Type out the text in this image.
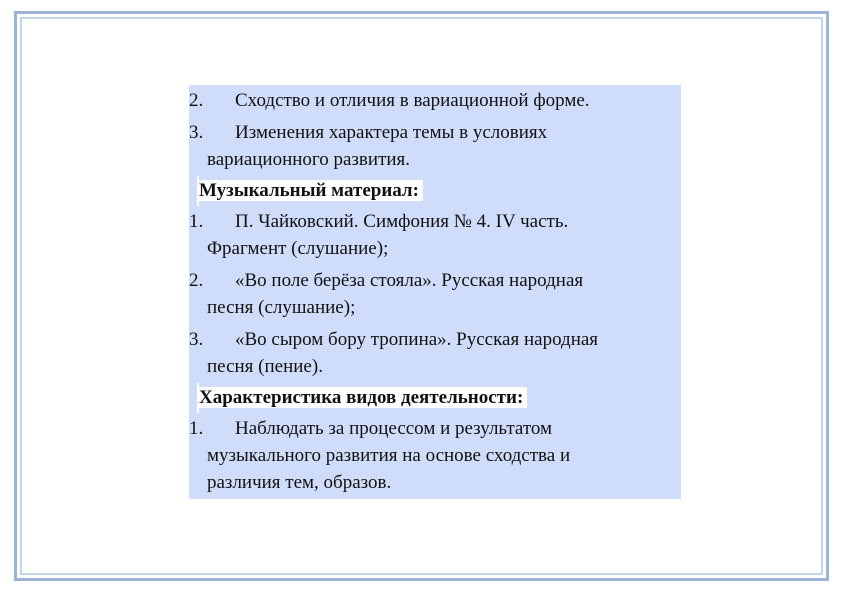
2.	Сходство и отличия в вариационной форме.
3.	Изменения характера темы в условиях
вариационного развития.
Музыкальный материал:
1.	П. Чайковский. Симфония № 4. IV часть.
Фрагмент (слушание);
2.	«Во поле берёза стояла». Русская народная
песня (слушание);
3.	«Во сыром бору тропина». Русская народная
песня (пение).
Характеристика видов деятельности:
1.	Наблюдать за процессом и результатом
музыкального развития на основе сходства и
различия тем, образов.
